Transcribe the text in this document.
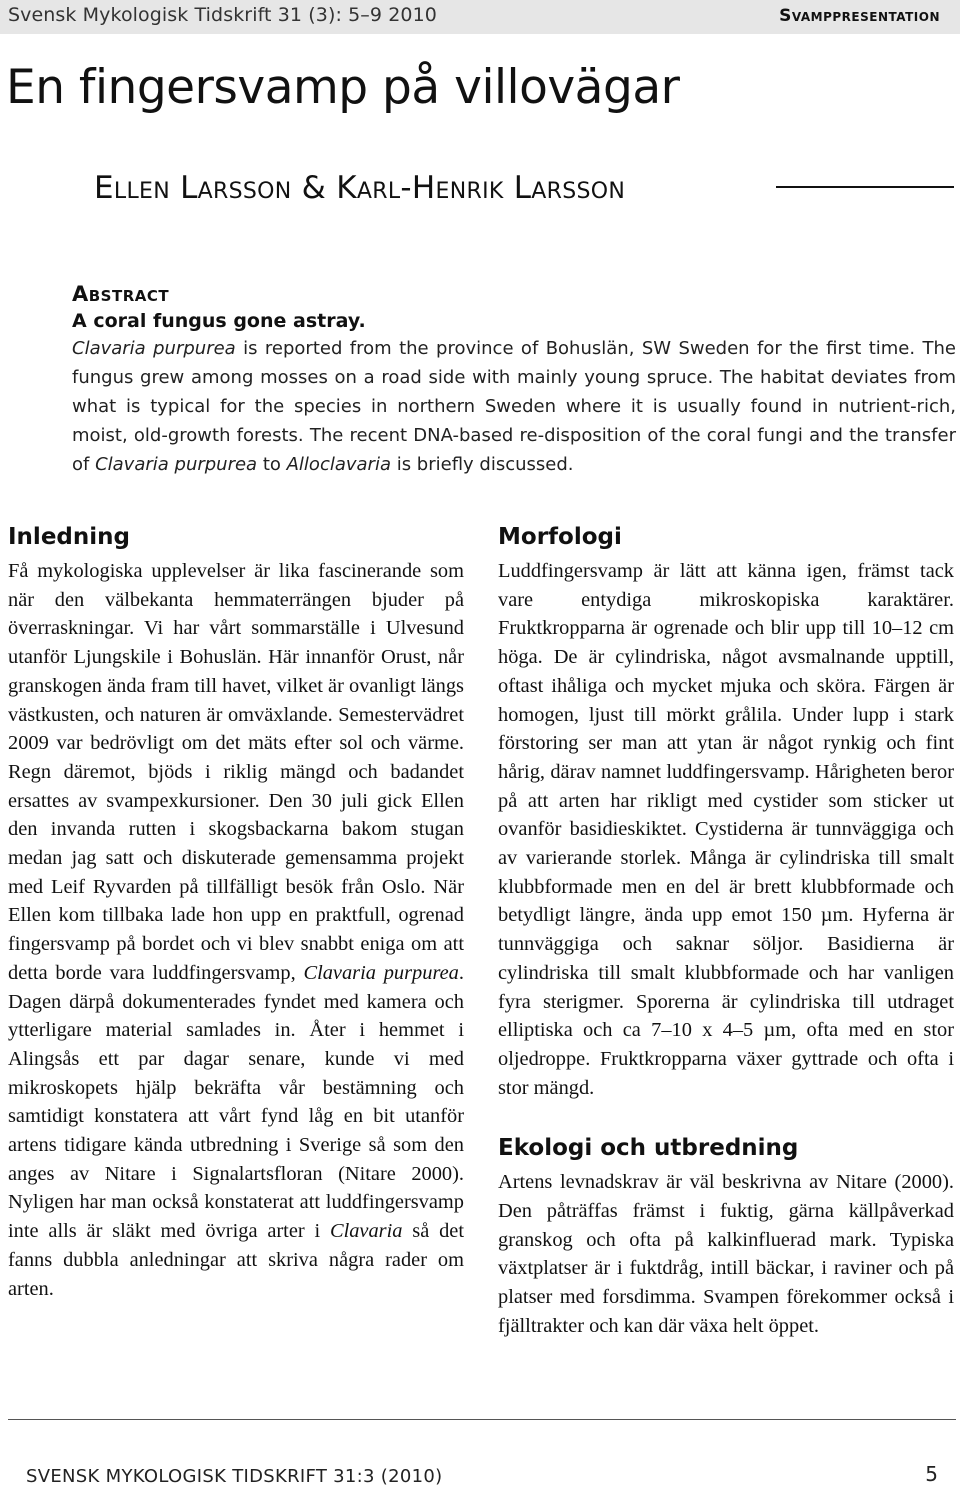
Svensk Mykologisk Tidskrift 31 (3): 5–9 2010	Svamppresentation
En fingersvamp på villovägar
Ellen Larsson & Karl-Henrik Larsson
Abstract
A coral fungus gone astray.

Clavaria purpurea is reported from the province of Bohuslän, SW Sweden for the first time. The fungus grew among mosses on a road side with mainly young spruce. The habitat deviates from what is typical for the species in northern Sweden where it is usually found in nutrient-rich, moist, old-growth forests. The recent DNA-based re-disposition of the coral fungi and the transfer of Clavaria purpurea to Alloclavaria is briefly discussed.

Inledning

Få mykologiska upplevelser är lika fascinerande som när den välbekanta hemmaterrängen bjuder på överraskningar. Vi har vårt sommarställe i Ulvesund utanför Ljungskile i Bohuslän. Här innanför Orust, når granskogen ända fram till havet, vilket är ovanligt längs västkusten, och naturen är omväxlande. Semestervädret 2009 var bedrövligt om det mäts efter sol och värme. Regn däremot, bjöds i riklig mängd och badandet ersattes av svampexkursioner. Den 30 juli gick Ellen den invanda rutten i skogsbackarna bakom stugan medan jag satt och diskuterade gemensamma projekt med Leif Ryvarden på tillfälligt besök från Oslo. När Ellen kom tillbaka lade hon upp en praktfull, ogrenad fingersvamp på bordet och vi blev snabbt eniga om att detta borde vara luddfingersvamp, Clavaria purpurea. Dagen därpå dokumenterades fyndet med kamera och ytterligare material samlades in. Åter i hemmet i Alingsås ett par dagar senare, kunde vi med mikroskopets hjälp bekräfta vår bestämning och samtidigt konstatera att vårt fynd låg en bit utanför artens tidigare kända utbredning i Sverige så som den anges av Nitare i Signalartsfloran (Nitare 2000). Nyligen har man också konstaterat att luddfingersvamp inte alls är släkt med övriga arter i Clavaria så det fanns dubbla anledningar att skriva några rader om arten.

Morfologi

Luddfingersvamp är lätt att känna igen, främst tack vare entydiga mikroskopiska karaktärer. Fruktkropparna är ogrenade och blir upp till 10–12 cm höga. De är cylindriska, något avsmalnande upptill, oftast ihåliga och mycket mjuka och sköra. Färgen är homogen, ljust till mörkt grålila. Under lupp i stark förstoring ser man att ytan är något rynkig och fint hårig, därav namnet luddfingersvamp. Hårigheten beror på att arten har rikligt med cystider som sticker ut ovanför basidieskiktet. Cystiderna är tunnväggiga och av varierande storlek. Många är cylindriska till smalt klubbformade men en del är brett klubbformade och betydligt längre, ända upp emot 150 µm. Hyferna är tunnväggiga och saknar söljor. Basidierna är cylindriska till smalt klubbformade och har vanligen fyra sterigmer. Sporerna är cylindriska till utdraget elliptiska och ca 7–10 x 4–5 µm, ofta med en stor oljedroppe. Fruktkropparna växer gyttrade och ofta i stor mängd.

Ekologi och utbredning

Artens levnadskrav är väl beskrivna av Nitare (2000). Den påträffas främst i fuktig, gärna källpåverkad granskog och ofta på kalkinfluerad mark. Typiska växtplatser är i fuktdråg, intill bäckar, i raviner och på platser med forsdimma. Svampen förekommer också i fjälltrakter och kan där växa helt öppet.

SVENSK MYKOLOGISK TIDSKRIFT 31:3 (2010)	5
